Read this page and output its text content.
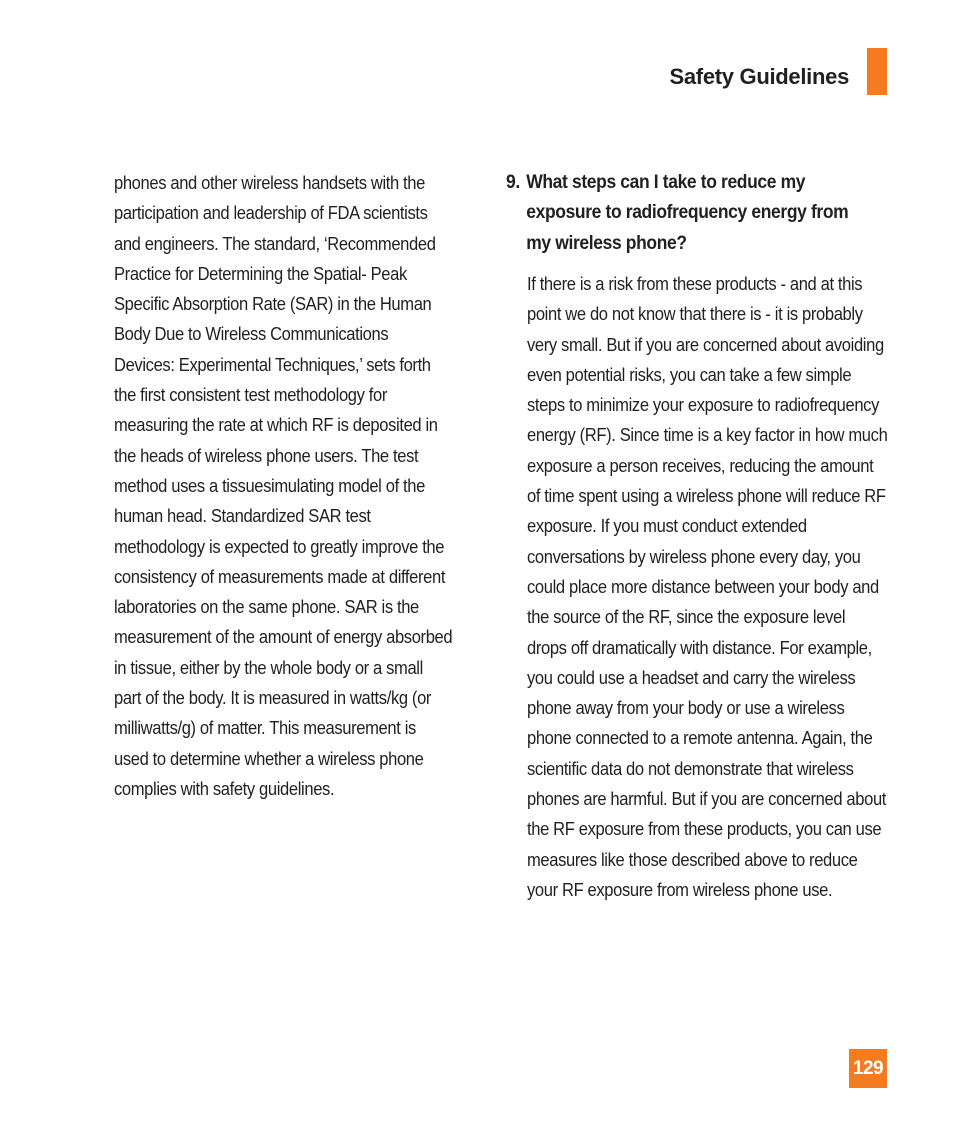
Safety Guidelines

phones and other wireless handsets with the participation and leadership of FDA scientists and engineers. The standard, ‘Recommended Practice for Determining the Spatial- Peak Specific Absorption Rate (SAR) in the Human Body Due to Wireless Communications Devices: Experimental Techniques,’ sets forth the first consistent test methodology for measuring the rate at which RF is deposited in the heads of wireless phone users. The test method uses a tissuesimulating model of the human head. Standardized SAR test methodology is expected to greatly improve the consistency of measurements made at different laboratories on the same phone. SAR is the measurement of the amount of energy absorbed in tissue, either by the whole body or a small part of the body. It is measured in watts/kg (or milliwatts/g) of matter. This measurement is used to determine whether a wireless phone complies with safety guidelines.

9. What steps can I take to reduce my exposure to radiofrequency energy from my wireless phone?

If there is a risk from these products - and at this point we do not know that there is - it is probably very small. But if you are concerned about avoiding even potential risks, you can take a few simple steps to minimize your exposure to radiofrequency energy (RF). Since time is a key factor in how much exposure a person receives, reducing the amount of time spent using a wireless phone will reduce RF exposure. If you must conduct extended conversations by wireless phone every day, you could place more distance between your body and the source of the RF, since the exposure level drops off dramatically with distance. For example, you could use a headset and carry the wireless phone away from your body or use a wireless phone connected to a remote antenna. Again, the scientific data do not demonstrate that wireless phones are harmful. But if you are concerned about the RF exposure from these products, you can use measures like those described above to reduce your RF exposure from wireless phone use.

129
